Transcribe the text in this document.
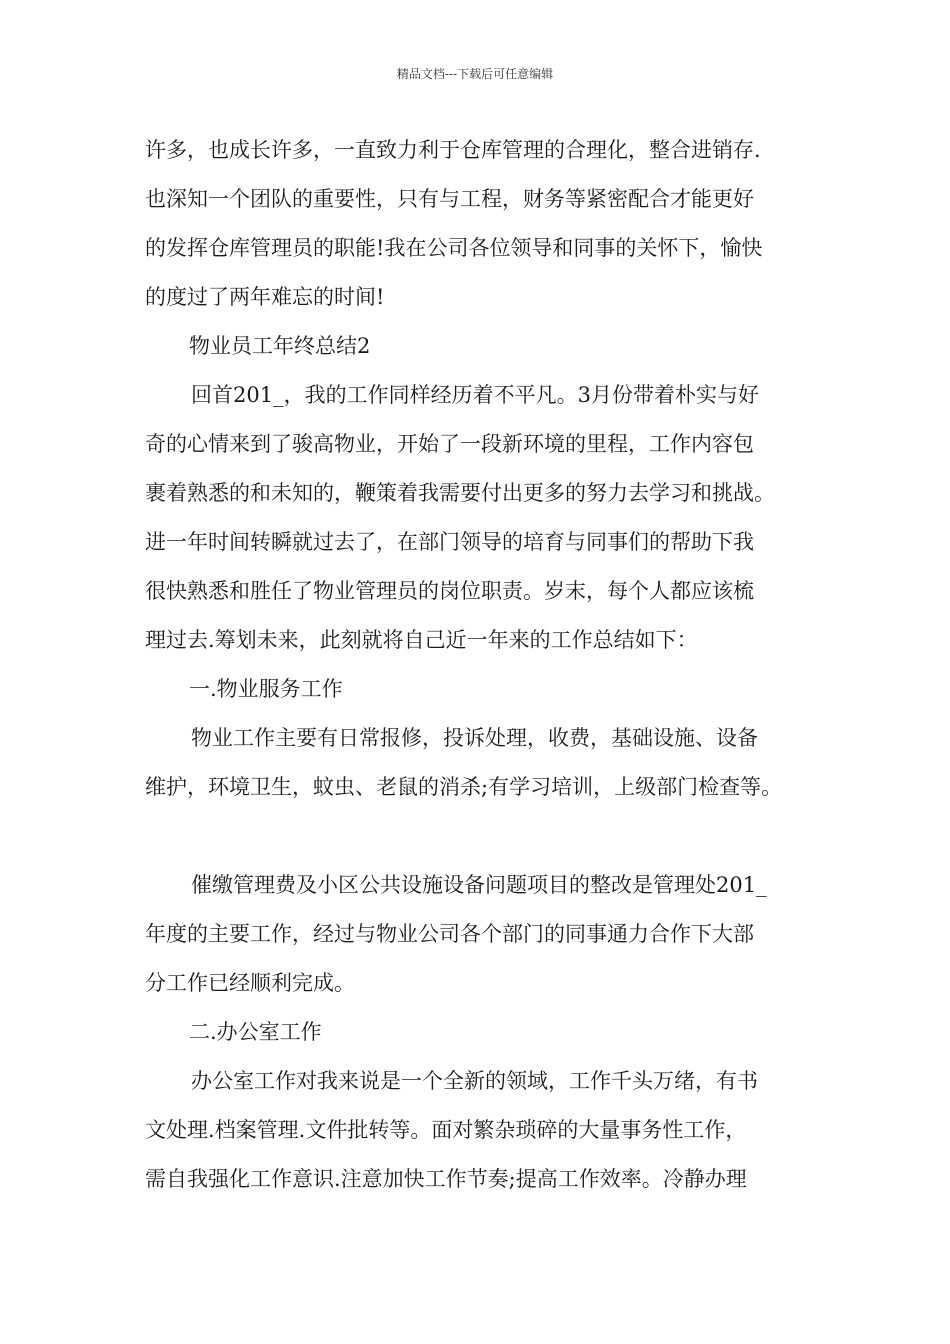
精品文档---下载后可任意编辑
许多，也成长许多，一直致力利于仓库管理的合理化，整合进销存.
也深知一个团队的重要性，只有与工程，财务等紧密配合才能更好
的发挥仓库管理员的职能!我在公司各位领导和同事的关怀下，愉快
的度过了两年难忘的时间!
物业员工年终总结2
回首201_，我的工作同样经历着不平凡。3月份带着朴实与好
奇的心情来到了骏高物业，开始了一段新环境的里程，工作内容包
裹着熟悉的和未知的，鞭策着我需要付出更多的努力去学习和挑战。
进一年时间转瞬就过去了，在部门领导的培育与同事们的帮助下我
很快熟悉和胜任了物业管理员的岗位职责。岁末，每个人都应该梳
理过去.筹划未来，此刻就将自己近一年来的工作总结如下：
一.物业服务工作
物业工作主要有日常报修，投诉处理，收费，基础设施、设备
维护，环境卫生，蚊虫、老鼠的消杀;有学习培训，上级部门检查等。
催缴管理费及小区公共设施设备问题项目的整改是管理处201_
年度的主要工作，经过与物业公司各个部门的同事通力合作下大部
分工作已经顺利完成。
二.办公室工作
办公室工作对我来说是一个全新的领域，工作千头万绪，有书
文处理.档案管理.文件批转等。面对繁杂琐碎的大量事务性工作，
需自我强化工作意识.注意加快工作节奏;提高工作效率。冷静办理
